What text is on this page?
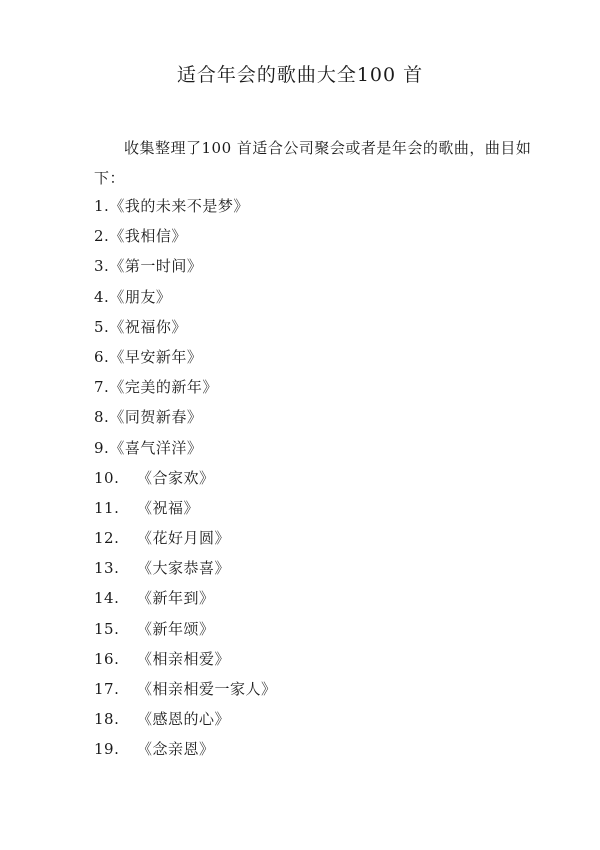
适合年会的歌曲大全100 首
收集整理了100 首适合公司聚会或者是年会的歌曲，曲目如下：
1.《我的未来不是梦》
2.《我相信》
3.《第一时间》
4.《朋友》
5.《祝福你》
6.《早安新年》
7.《完美的新年》
8.《同贺新春》
9.《喜气洋洋》
10. 《合家欢》
11. 《祝福》
12. 《花好月圆》
13. 《大家恭喜》
14. 《新年到》
15. 《新年颂》
16. 《相亲相爱》
17. 《相亲相爱一家人》
18. 《感恩的心》
19. 《念亲恩》
